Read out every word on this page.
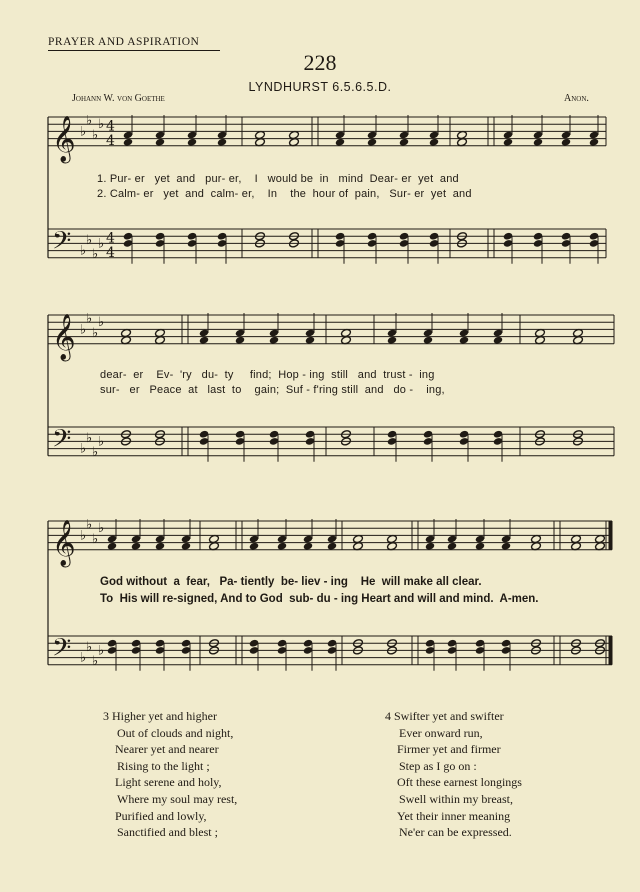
PRAYER AND ASPIRATION
228
LYNDHURST 6.5.6.5.D.
Johann W. von Goethe	Anon.
𝄞
𝄢
♭
♭
♭
♭
♭
♭
♭
♭
4
4
4
4
𝄞
𝄢
♭
♭
♭
♭
♭
♭
♭
♭
𝄞
𝄢
♭
♭
♭
♭
♭
♭
♭
♭
1. Pur- er   yet  and   pur- er,    I   would be  in   mind  Dear- er  yet  and
2. Calm- er   yet  and  calm- er,    In    the  hour of  pain,   Sur- er  yet  and
dear-  er    Ev-  'ry   du-  ty     find;  Hop - ing  still   and  trust -  ing
sur-   er   Peace  at   last  to    gain;  Suf - f'ring still  and   do -    ing,
God without  a  fear,   Pa- tiently  be- liev - ing    He  will make all clear.
To  His will re-signed, And to God  sub- du - ing Heart and will and mind.  A-men.
3 Higher yet and higher
Out of clouds and night,
Nearer yet and nearer
Rising to the light ;
Light serene and holy,
Where my soul may rest,
Purified and lowly,
Sanctified and blest ;
4 Swifter yet and swifter
Ever onward run,
Firmer yet and firmer
Step as I go on :
Oft these earnest longings
Swell within my breast,
Yet their inner meaning
Ne'er can be expressed.
